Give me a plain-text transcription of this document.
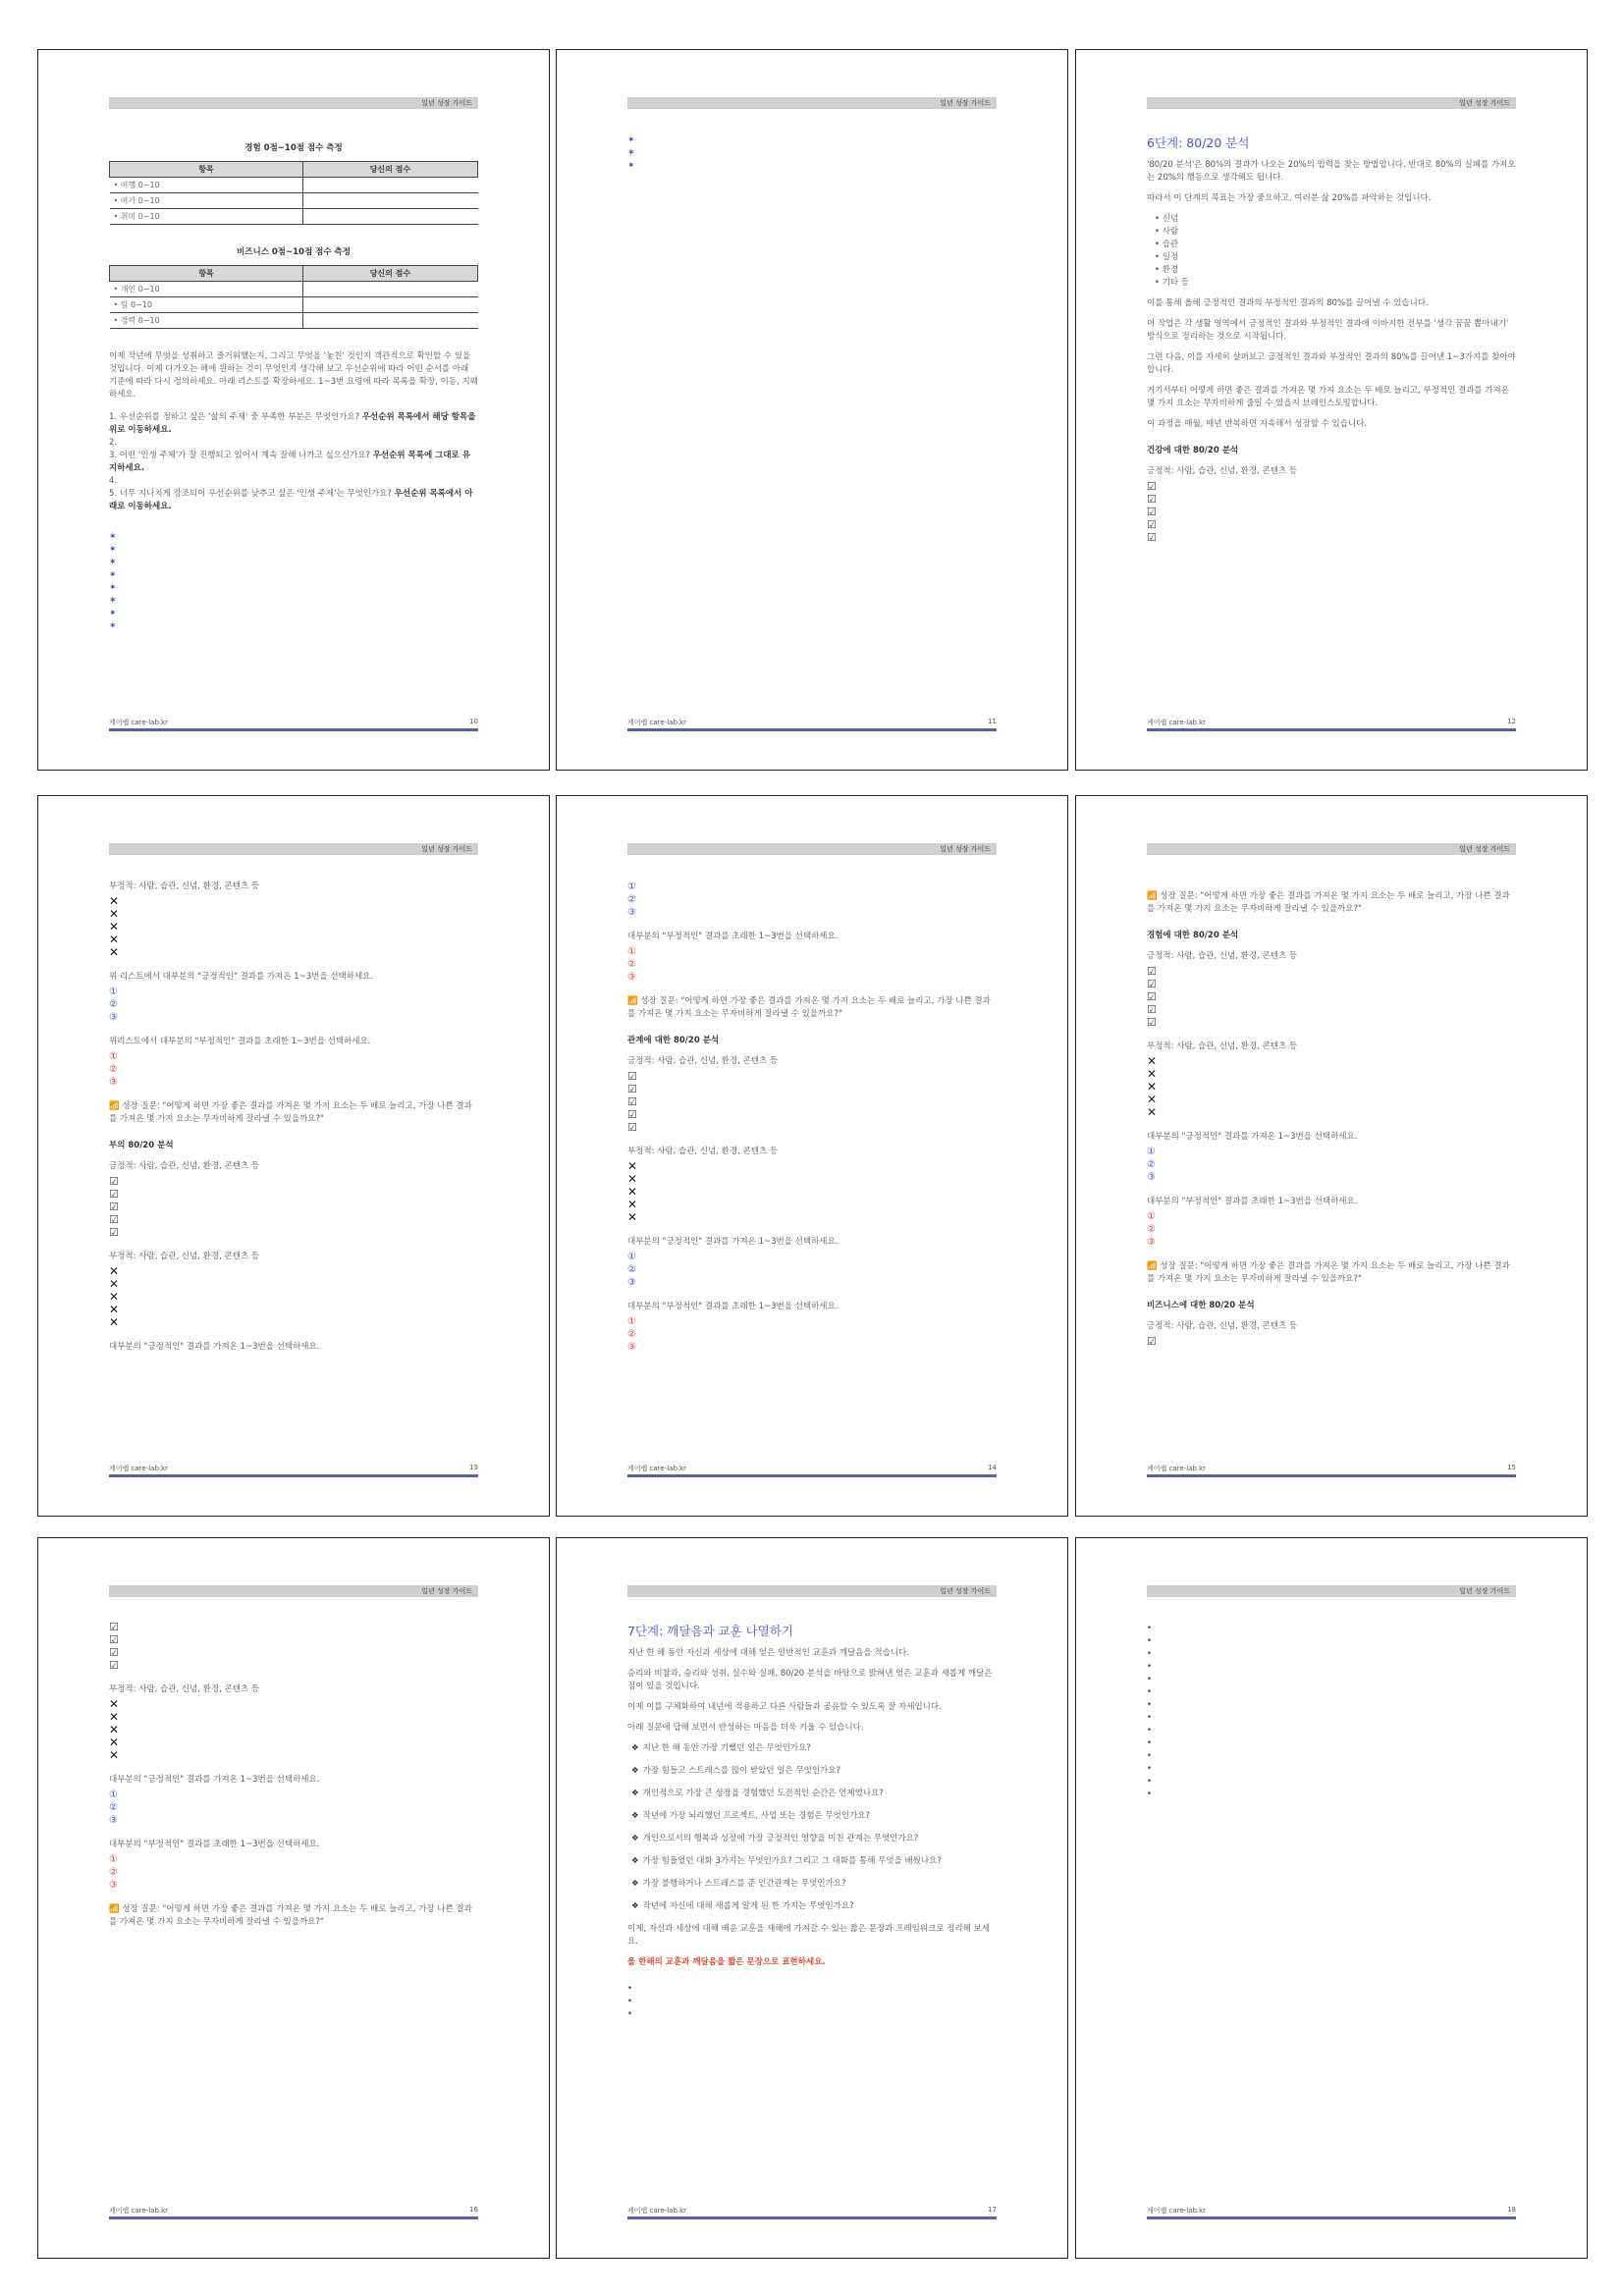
일년 성장 가이드
경험 0점~10점 점수 측정
항목	당신의 점수
• 여행 0~10	
• 여가 0~10	
• 취미 0~10	
비즈니스 0점~10점 점수 측정
항목	당신의 점수
• 개인 0~10	
• 팀 0~10	
• 경력 0~10	

이제 작년에 무엇을 성취하고 즐거워했는지, 그리고 무엇을 '놓친' 것인지 객관적으로 확인할 수 있을 것입니다. 이제 다가오는 해에 원하는 것이 무엇인지 생각해 보고 우선순위에 따라 어떤 순서를 아래 기준에 따라 다시 정의하세요. 아래 리스트를 확장하세요. 1~3번 요령에 따라 목록을 확장, 이동, 지웨하세요.

1. 우선순위를 정하고 싶은 '삶의 주제' 중 부족한 부분은 무엇인가요? 우선순위 목록에서 해당 항목을 위로 이동하세요.
2.
3. 어떤 '인생 주제'가 잘 진행되고 있어서 계속 잘해 나가고 싶으신가요? 우선순위 목록에 그대로 유지하세요.
4.
5. 너무 지나치게 강조되어 우선순위를 낮추고 싶은 '인생 주제'는 무엇인가요? 우선순위 목록에서 아래로 이동하세요.
✶
✶
✶
✶
✶
✶
✶
✶
케어랩 care-lab.kr	10
일년 성장 가이드
✶
✶
✶
케어랩 care-lab.kr	11
일년 성장 가이드
6단계: 80/20 분석

'80/20 분석'은 80%의 결과가 나오는 20%의 입력을 찾는 방법입니다. 반대로 80%의 실패를 가져오는 20%의 행동으로 생각해도 됩니다.

따라서 이 단계의 목표는 가장 중요하고, 여러분 삶 20%를 파악하는 것입니다.

• 신념
• 사람
• 습관
• 일정
• 환경
• 기타 등

이를 통해 올해 긍정적인 결과의 부정적인 결과의 80%를 끌어낼 수 있습니다.

이 작업은 각 생활 영역에서 긍정적인 결과와 부정적인 결과에 이바지한 전부를 '생각 꿈꿈 뽑아내기' 방식으로 정리하는 것으로 시작됩니다.

그런 다음, 이를 자세히 살펴보고 긍정적인 결과와 부정적인 결과의 80%를 끌어낸 1~3가지를 찾아야 합니다.

거기서부터 어떻게 하면 좋은 결과를 가져온 몇 가지 요소는 두 배로 늘리고, 부정적인 결과를 가져온 몇 가지 요소는 무자비하게 줄일 수 있을지 브레인스토밍합니다.

이 과정을 매월, 매년 반복하면 지속해서 성장할 수 있습니다.

건강에 대한 80/20 분석

긍정적: 사람, 습관, 신념, 환경, 콘텐츠 등

☑
☑
☑
☑
☑
케어랩 care-lab.kr	12
일년 성장 가이드

부정적: 사람, 습관, 신념, 환경, 콘텐츠 등

✕
✕
✕
✕
✕

위 리스트에서 대부분의 "긍정적인" 결과를 가져온 1~3번을 선택하세요.

①
②
③

위리스트에서 대부분의 "부정적인" 결과를 초래한 1~3번을 선택하세요.

①
②
③

📶 성장 질문: "어떻게 하면 가장 좋은 결과를 가져온 몇 가지 요소는 두 배로 늘리고, 가장 나쁜 결과를 가져온 몇 가지 요소는 무자비하게 잘라낼 수 있을까요?"

부의 80/20 분석

긍정적: 사람, 습관, 신념, 환경, 콘텐츠 등

☑
☑
☑
☑
☑

부정적: 사람, 습관, 신념, 환경, 콘텐츠 등

✕
✕
✕
✕
✕

대부분의 "긍정적인" 결과를 가져온 1~3번을 선택하세요.

케어랩 care-lab.kr	13
일년 성장 가이드
①
②
③

대부분의 "부정적인" 결과를 초래한 1~3번을 선택하세요.

①
②
③

📶 성장 질문: "어떻게 하면 가장 좋은 결과를 가져온 몇 가지 요소는 두 배로 늘리고, 가장 나쁜 결과를 가져온 몇 가지 요소는 무자비하게 잘라낼 수 있을까요?"

관계에 대한 80/20 분석

긍정적: 사람, 습관, 신념, 환경, 콘텐츠 등

☑
☑
☑
☑
☑

부정적: 사람, 습관, 신념, 환경, 콘텐츠 등

✕
✕
✕
✕
✕

대부분의 "긍정적인" 결과를 가져온 1~3번을 선택하세요.

①
②
③

대부분의 "부정적인" 결과를 초래한 1~3번을 선택하세요.

①
②
③
케어랩 care-lab.kr	14
일년 성장 가이드

📶 성장 질문: "어떻게 하면 가장 좋은 결과를 가져온 몇 가지 요소는 두 배로 늘리고, 가장 나쁜 결과를 가져온 몇 가지 요소는 무자비하게 잘라낼 수 있을까요?"

경험에 대한 80/20 분석

긍정적: 사람, 습관, 신념, 환경, 콘텐츠 등

☑
☑
☑
☑
☑

부정적: 사람, 습관, 신념, 환경, 콘텐츠 등

✕
✕
✕
✕
✕

대부분의 "긍정적인" 결과를 가져온 1~3번을 선택하세요.

①
②
③

대부분의 "부정적인" 결과를 초래한 1~3번을 선택하세요.

①
②
③

📶 성장 질문: "어떻게 하면 가장 좋은 결과를 가져온 몇 가지 요소는 두 배로 늘리고, 가장 나쁜 결과를 가져온 몇 가지 요소는 무자비하게 잘라낼 수 있을까요?"

비즈니스에 대한 80/20 분석

긍정적: 사람, 습관, 신념, 환경, 콘텐츠 등

☑
케어랩 care-lab.kr	15
일년 성장 가이드
☑
☑
☑
☑

부정적: 사람, 습관, 신념, 환경, 콘텐츠 등

✕
✕
✕
✕
✕

대부분의 "긍정적인" 결과를 가져온 1~3번을 선택하세요.

①
②
③

대부분의 "부정적인" 결과를 초래한 1~3번을 선택하세요.

①
②
③

📶 성장 질문: "어떻게 하면 가장 좋은 결과를 가져온 몇 가지 요소는 두 배로 늘리고, 가장 나쁜 결과를 가져온 몇 가지 요소는 무자비하게 잘라낼 수 있을까요?"

케어랩 care-lab.kr	16
일년 성장 가이드
7단계: 깨달음과 교훈 나열하기

지난 한 해 동안 자신과 세상에 대해 얻은 일반적인 교훈과 깨달음을 적습니다.

승리와 비참과, 승리와 성취, 실수와 실패, 80/20 분석을 바탕으로 밝혀낸 얻은 교훈과 새롭게 깨달은 점이 있을 것입니다.

이제 이를 구체화하여 내년에 적용하고 다른 사람들과 공유할 수 있도록 잘 자세입니다.

아래 질문에 답해 보면서 반성하는 마음을 더욱 키울 수 있습니다.

❖ 지난 한 해 동안 가장 기뻤던 일은 무엇인가요?
❖ 가장 힘들고 스트레스를 많이 받았던 일은 무엇인가요?
❖ 개인적으로 가장 큰 성장을 경험했던 도전적인 순간은 언제였나요?
❖ 작년에 가장 뇌리했던 프로젝트, 사업 또는 경험은 무엇인가요?
❖ 개인으로서의 행복과 성장에 가장 긍정적인 영향을 미친 관계는 무엇인가요?
❖ 가장 힘들었던 대화 3가지는 무엇인가요? 그리고 그 대화를 통해 무엇을 배웠나요?
❖ 가장 불행하거나 스트레스를 준 인간관계는 무엇인가요?
❖ 작년에 자신에 대해 새롭게 알게 된 한 가지는 무엇인가요?

이제, 자신과 세상에 대해 배운 교훈을 새해에 가져갈 수 있는 짧은 문장과 프레임워크로 정리해 보세요.

올 한해의 교훈과 깨달음을 짧은 문장으로 표현하세요.

•
•
•
케어랩 care-lab.kr	17
일년 성장 가이드
•
•
•
•
•
•
•
•
•
•
•
•
•
•
케어랩 care-lab.kr	18
